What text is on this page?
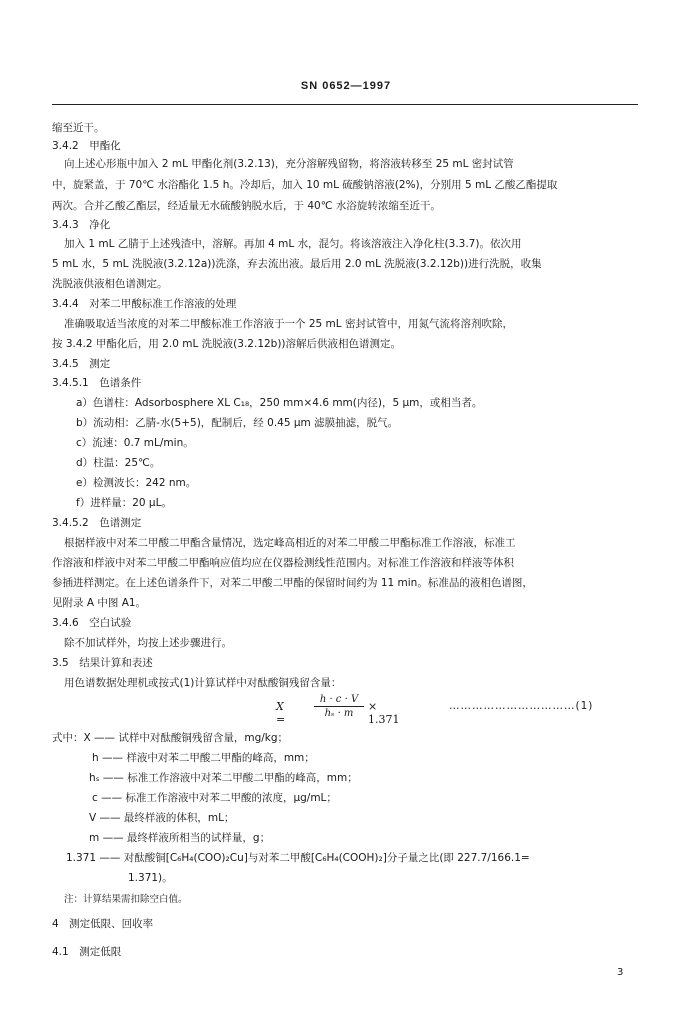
SN 0652—1997
缩至近干。
3.4.2　甲酯化
向上述心形瓶中加入 2 mL 甲酯化剂(3.2.13)，充分溶解残留物，将溶液转移至 25 mL 密封试管
中，旋紧盖，于 70℃ 水浴酯化 1.5 h。冷却后，加入 10 mL 硫酸钠溶液(2%)，分别用 5 mL 乙酸乙酯提取
两次。合并乙酸乙酯层，经适量无水硫酸钠脱水后，于 40℃ 水浴旋转浓缩至近干。
3.4.3　净化
加入 1 mL 乙腈于上述残渣中，溶解。再加 4 mL 水，混匀。将该溶液注入净化柱(3.3.7)。依次用
5 mL 水，5 mL 洗脱液(3.2.12a))洗涤，弃去流出液。最后用 2.0 mL 洗脱液(3.2.12b))进行洗脱，收集
洗脱液供液相色谱测定。
3.4.4　对苯二甲酸标准工作溶液的处理
准确吸取适当浓度的对苯二甲酸标准工作溶液于一个 25 mL 密封试管中，用氮气流将溶剂吹除，
按 3.4.2 甲酯化后，用 2.0 mL 洗脱液(3.2.12b))溶解后供液相色谱测定。
3.4.5　测定
3.4.5.1　色谱条件
a）色谱柱：Adsorbosphere XL C₁₈，250 mm×4.6 mm(内径)，5 μm，或相当者。
b）流动相：乙腈-水(5+5)，配制后，经 0.45 μm 滤膜抽滤，脱气。
c）流速：0.7 mL/min。
d）柱温：25℃。
e）检测波长：242 nm。
f）进样量：20 μL。
3.4.5.2　色谱测定
根据样液中对苯二甲酸二甲酯含量情况，选定峰高相近的对苯二甲酸二甲酯标准工作溶液，标准工
作溶液和样液中对苯二甲酸二甲酯响应值均应在仪器检测线性范围内。对标准工作溶液和样液等体积
参插进样测定。在上述色谱条件下，对苯二甲酸二甲酯的保留时间约为 11 min。标准品的液相色谱图，
见附录 A 中图 A1。
3.4.6　空白试验
除不加试样外，均按上述步骤进行。
3.5　结果计算和表述
用色谱数据处理机或按式(1)计算试样中对酞酸铜残留含量：
X =	$\frac{h \cdot c \cdot V}{\text{hₛ · m}} \times 1.371$
……………………………(1)
式中：X —— 试样中对酞酸铜残留含量，mg/kg；
h —— 样液中对苯二甲酸二甲酯的峰高，mm；
hₛ —— 标准工作溶液中对苯二甲酸二甲酯的峰高，mm；
c —— 标准工作溶液中对苯二甲酸的浓度，μg/mL；
V —— 最终样液的体积，mL；
m —— 最终样液所相当的试样量，g；
1.371 —— 对酞酸铜[C₆H₄(COO)₂Cu]与对苯二甲酸[C₆H₄(COOH)₂]分子量之比(即 227.7/166.1=
1.371)。
注：计算结果需扣除空白值。
4　测定低限、回收率
4.1　测定低限
3
